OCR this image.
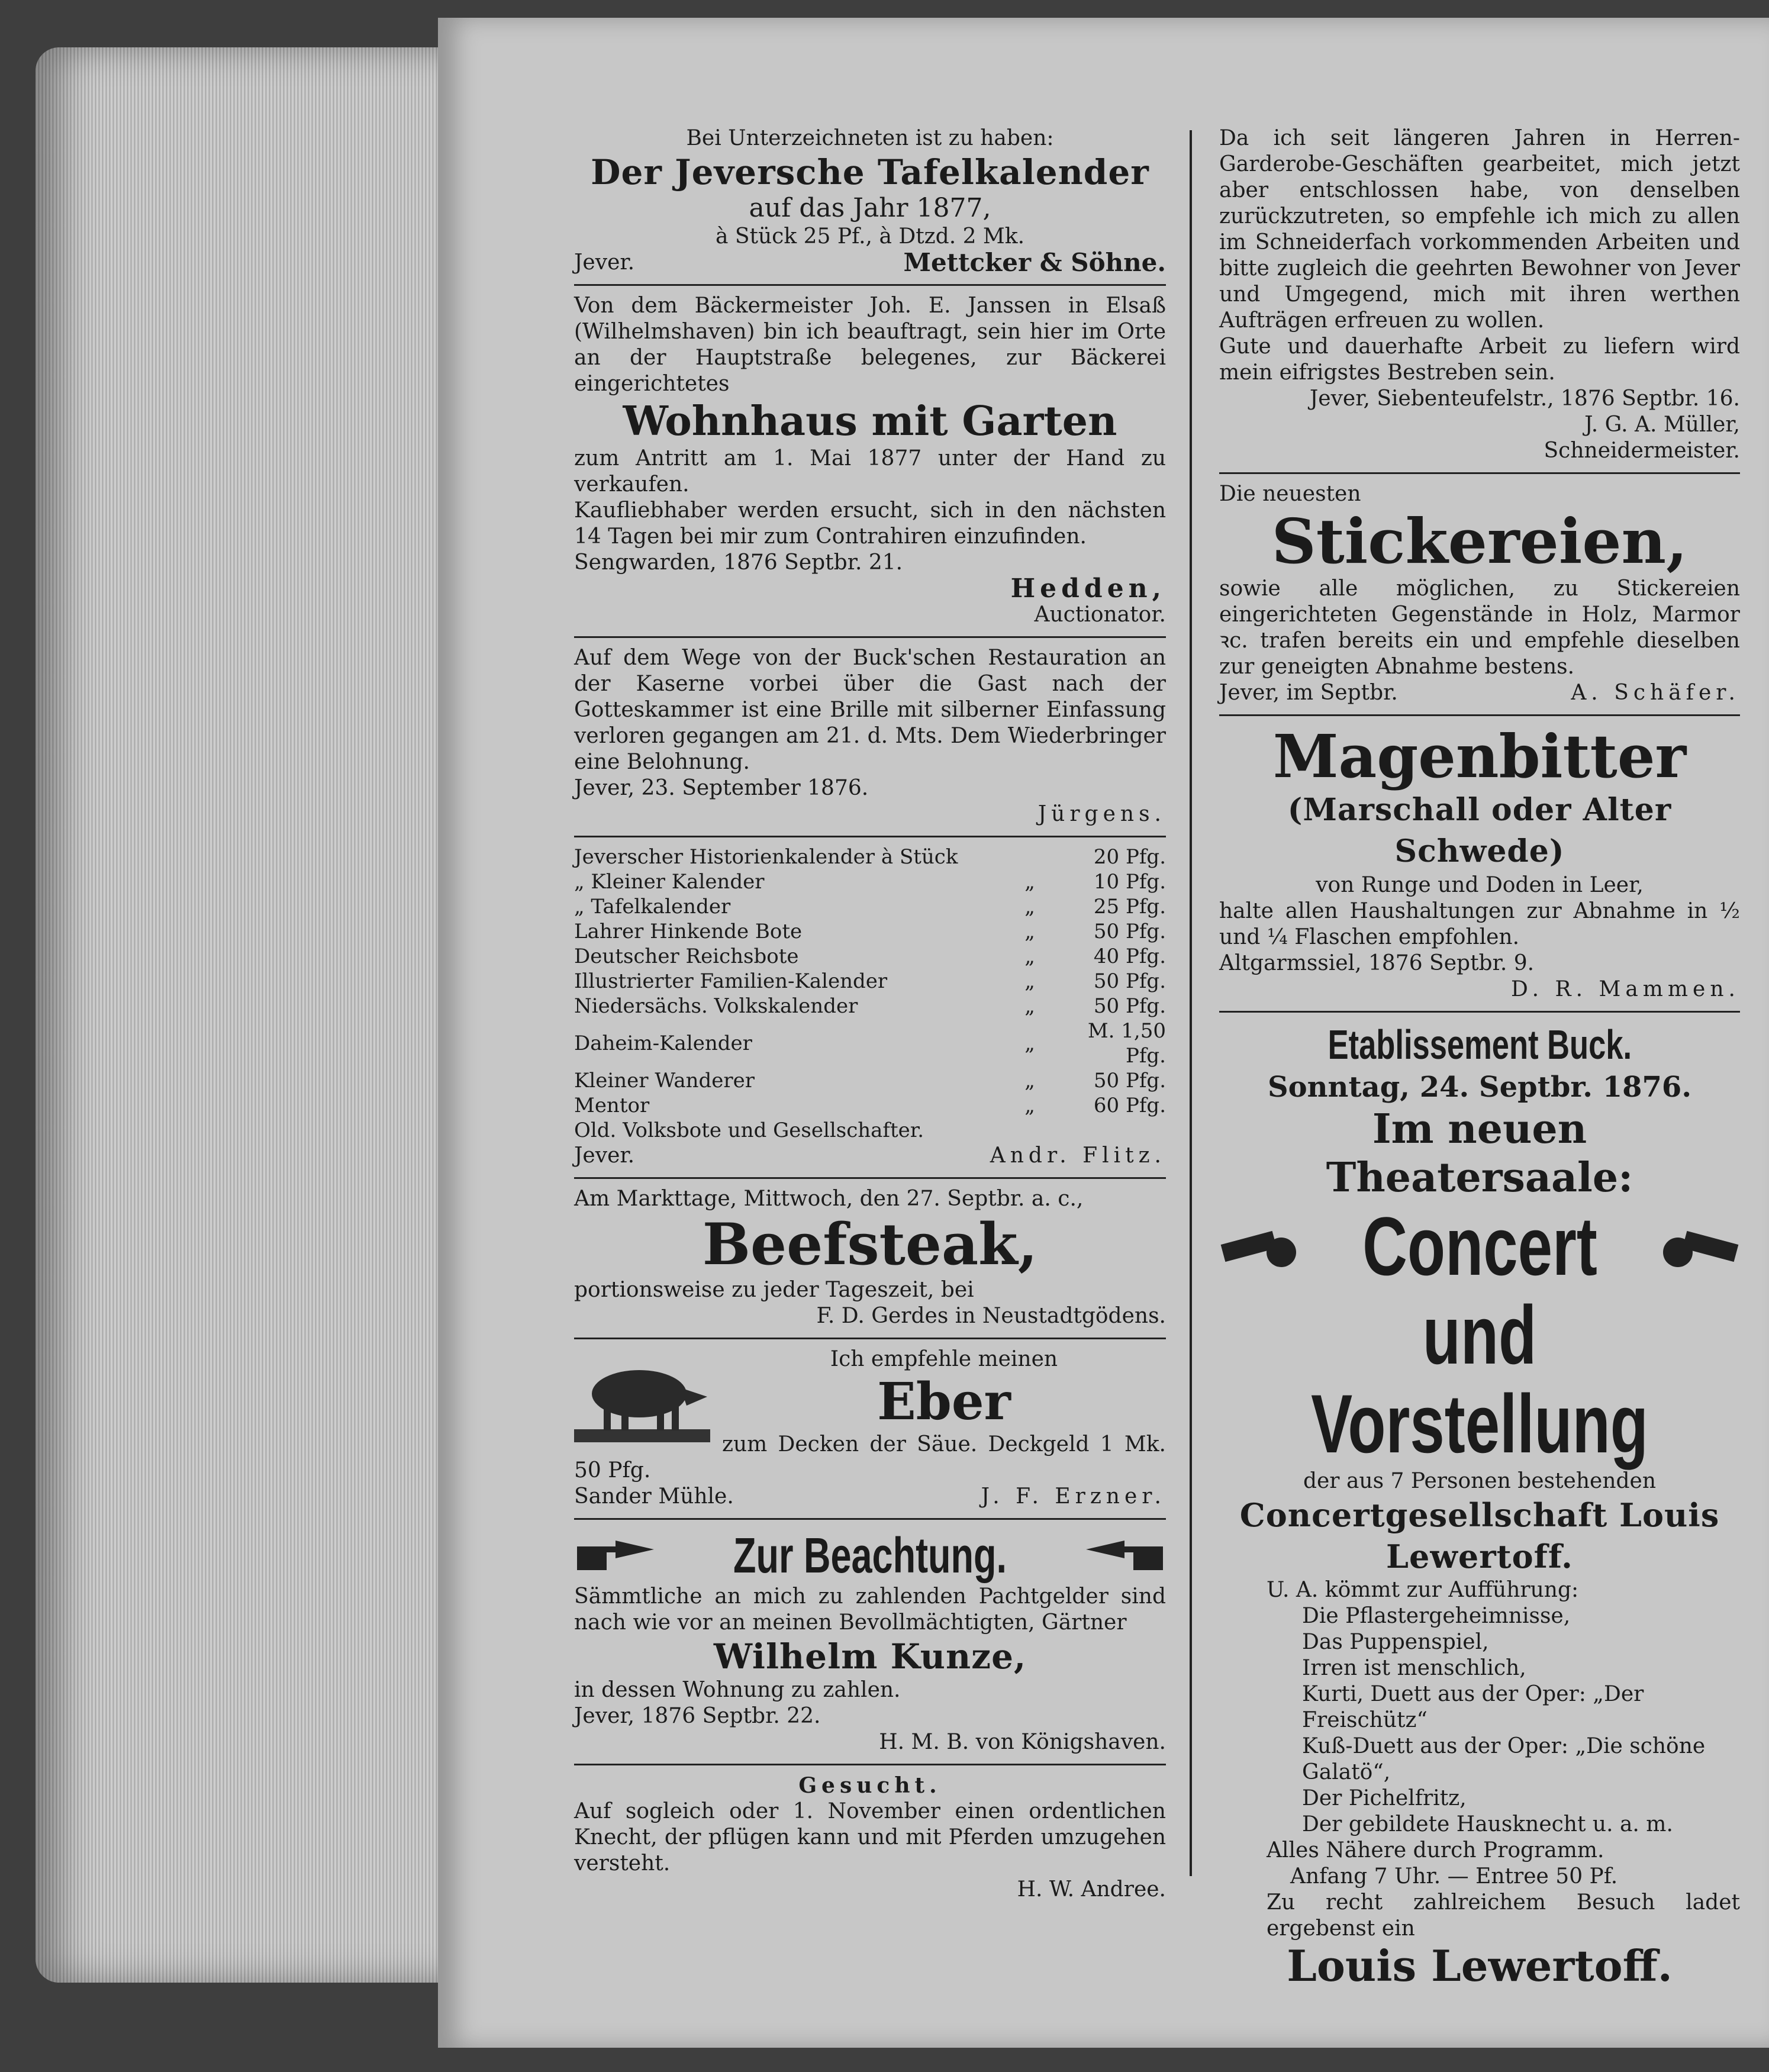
Bei Unterzeichneten ist zu haben:

Der Jeversche Tafelkalender

auf das Jahr 1877,

à Stück 25 Pf., à Dtzd. 2 Mk.

Jever.	Mettcker & Söhne.

Von dem Bäckermeister Joh. E. Janssen in Elsaß (Wilhelmshaven) bin ich beauftragt, sein hier im Orte an der Hauptstraße belegenes, zur Bäckerei eingerichtetes

Wohnhaus mit Garten

zum Antritt am 1. Mai 1877 unter der Hand zu verkaufen.

Kaufliebhaber werden ersucht, sich in den nächsten 14 Tagen bei mir zum Contrahiren einzufinden.

Sengwarden, 1876 Septbr. 21.

Hedden,

Auctionator.

Auf dem Wege von der Buck'schen Restauration an der Kaserne vorbei über die Gast nach der Gotteskammer ist eine Brille mit silberner Einfassung verloren gegangen am 21. d. Mts. Dem Wiederbringer eine Belohnung.

Jever, 23. September 1876.

Jürgens.

Jeverscher Historienkalender à Stück		20 Pfg.
„ Kleiner Kalender	„	10 Pfg.
„ Tafelkalender	„	25 Pfg.
Lahrer Hinkende Bote	„	50 Pfg.
Deutscher Reichsbote	„	40 Pfg.
Illustrierter Familien-Kalender	„	50 Pfg.
Niedersächs. Volkskalender	„	50 Pfg.
Daheim-Kalender	„	M. 1,50 Pfg.
Kleiner Wanderer	„	50 Pfg.
Mentor	„	60 Pfg.
Old. Volksbote und Gesellschafter.		
Jever.	Andr. Flitz.

Am Markttage, Mittwoch, den 27. Septbr. a. c.,

Beefsteak,

portionsweise zu jeder Tageszeit, bei

F. D. Gerdes in Neustadtgödens.

Ich empfehle meinen

Eber

zum Decken der Säue. Deckgeld 1 Mk. 50 Pfg.

Sander Mühle.	J. F. Erzner.
Zur Beachtung.

Sämmtliche an mich zu zahlenden Pachtgelder sind nach wie vor an meinen Bevollmächtigten, Gärtner

Wilhelm Kunze,

in dessen Wohnung zu zahlen.

Jever, 1876 Septbr. 22.

H. M. B. von Königshaven.

Gesucht.

Auf sogleich oder 1. November einen ordentlichen Knecht, der pflügen kann und mit Pferden umzugehen versteht.

H. W. Andree.

Da ich seit längeren Jahren in Herren-Garderobe-Geschäften gearbeitet, mich jetzt aber entschlossen habe, von denselben zurückzutreten, so empfehle ich mich zu allen im Schneiderfach vorkommenden Arbeiten und bitte zugleich die geehrten Bewohner von Jever und Umgegend, mich mit ihren werthen Aufträgen erfreuen zu wollen.

Gute und dauerhafte Arbeit zu liefern wird mein eifrigstes Bestreben sein.

Jever, Siebenteufelstr., 1876 Septbr. 16.

J. G. A. Müller,

Schneidermeister.

Die neuesten

Stickereien,

sowie alle möglichen, zu Stickereien eingerichteten Gegenstände in Holz, Marmor ꝛc. trafen bereits ein und empfehle dieselben zur geneigten Abnahme bestens.

Jever, im Septbr.	A. Schäfer.
Magenbitter
(Marschall oder Alter Schwede)

von Runge und Doden in Leer,

halte allen Haushaltungen zur Abnahme in ½ und ¼ Flaschen empfohlen.

Altgarmssiel, 1876 Septbr. 9.

D. R. Mammen.

Etablissement Buck.

Sonntag, 24. Septbr. 1876.

Im neuen Theatersaale:
Concert
und Vorstellung

der aus 7 Personen bestehenden

Concertgesellschaft Louis Lewertoff.

U. A. kömmt zur Aufführung:

Die Pflastergeheimnisse,

Das Puppenspiel,

Irren ist menschlich,

Kurti, Duett aus der Oper: „Der Freischütz“

Kuß-Duett aus der Oper: „Die schöne Galatö“,

Der Pichelfritz,

Der gebildete Hausknecht u. a. m.

Alles Nähere durch Programm.

Anfang 7 Uhr. — Entree 50 Pf.

Zu recht zahlreichem Besuch ladet ergebenst ein

Louis Lewertoff.
